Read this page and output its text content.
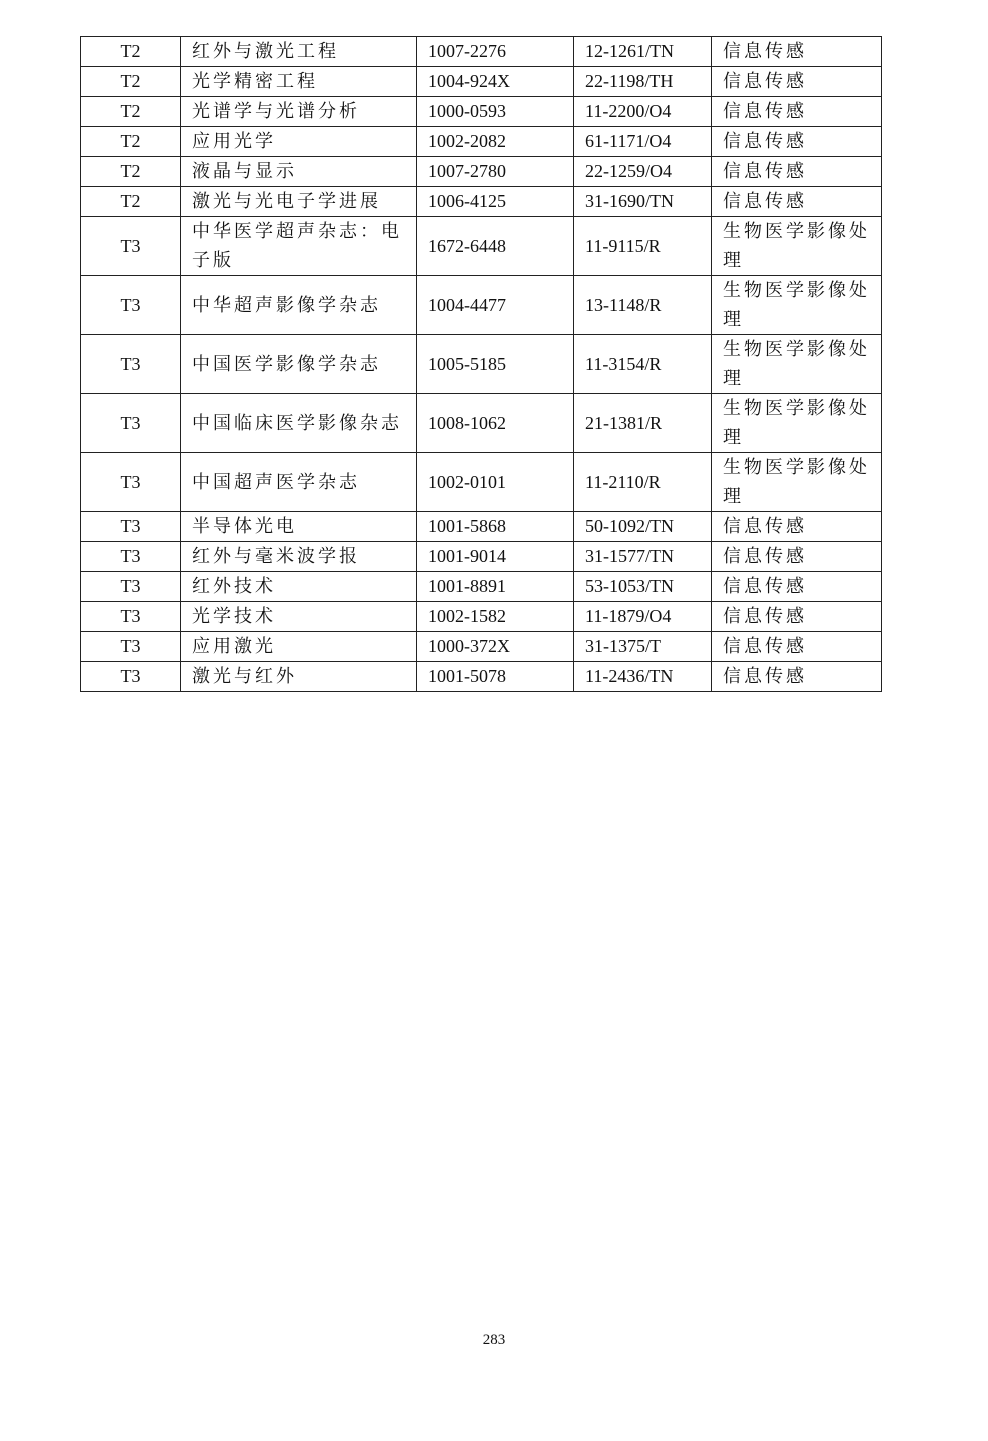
T2	红外与激光工程	1007-2276	12-1261/TN	信息传感
T2	光学精密工程	1004-924X	22-1198/TH	信息传感
T2	光谱学与光谱分析	1000-0593	11-2200/O4	信息传感
T2	应用光学	1002-2082	61-1171/O4	信息传感
T2	液晶与显示	1007-2780	22-1259/O4	信息传感
T2	激光与光电子学进展	1006-4125	31-1690/TN	信息传感
T3	中华医学超声杂志：电子版	1672-6448	11-9115/R	生物医学影像处理
T3	中华超声影像学杂志	1004-4477	13-1148/R	生物医学影像处理
T3	中国医学影像学杂志	1005-5185	11-3154/R	生物医学影像处理
T3	中国临床医学影像杂志	1008-1062	21-1381/R	生物医学影像处理
T3	中国超声医学杂志	1002-0101	11-2110/R	生物医学影像处理
T3	半导体光电	1001-5868	50-1092/TN	信息传感
T3	红外与毫米波学报	1001-9014	31-1577/TN	信息传感
T3	红外技术	1001-8891	53-1053/TN	信息传感
T3	光学技术	1002-1582	11-1879/O4	信息传感
T3	应用激光	1000-372X	31-1375/T	信息传感
T3	激光与红外	1001-5078	11-2436/TN	信息传感
283
